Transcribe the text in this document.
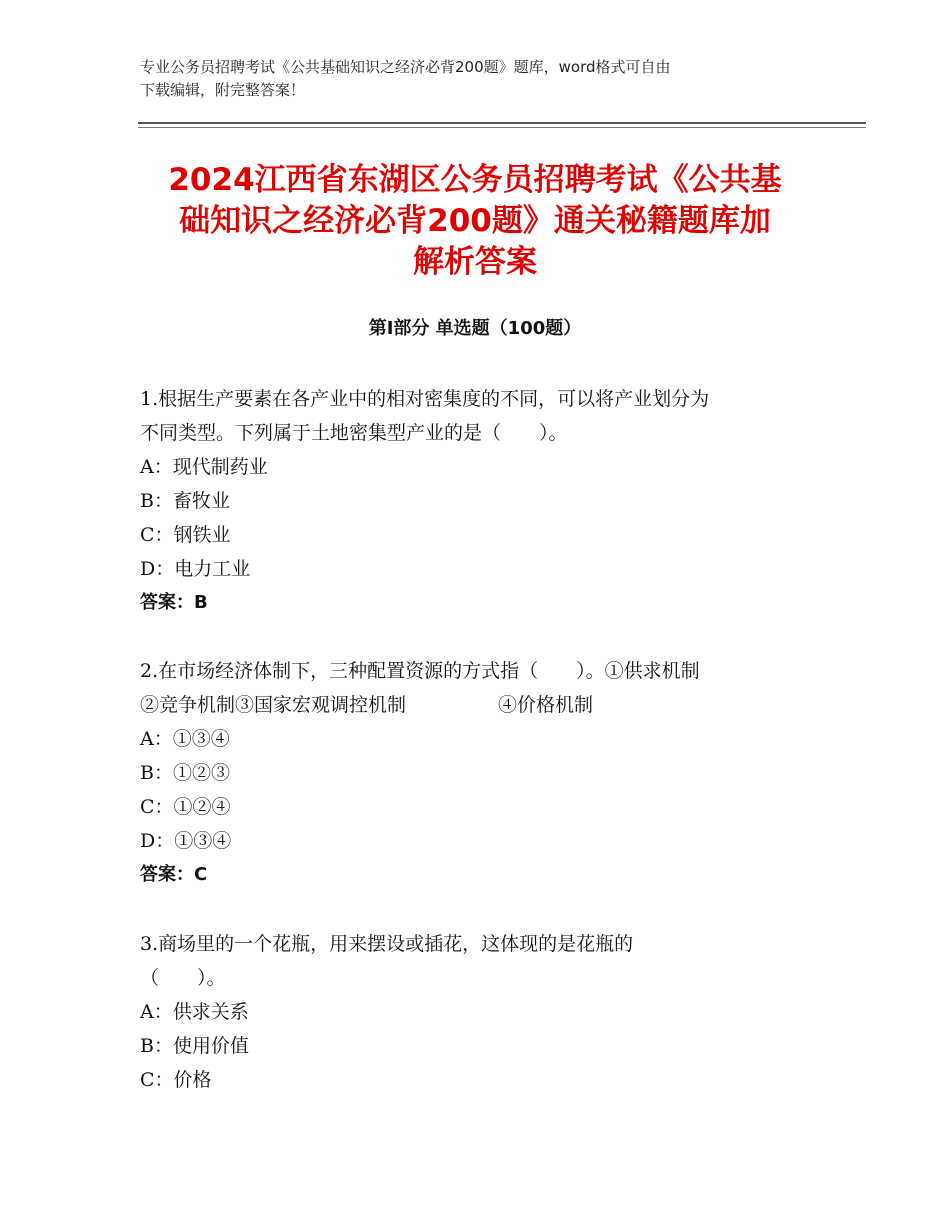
专业公务员招聘考试《公共基础知识之经济必背200题》题库，word格式可自由
下载编辑，附完整答案！
2024江西省东湖区公务员招聘考试《公共基
础知识之经济必背200题》通关秘籍题库加
解析答案
第Ⅰ部分 单选题（100题）
1.根据生产要素在各产业中的相对密集度的不同，可以将产业划分为
不同类型。下列属于土地密集型产业的是（　　）。
A：现代制药业
B：畜牧业
C：钢铁业
D：电力工业
答案：B
2.在市场经济体制下，三种配置资源的方式指（　　）。①供求机制
②竞争机制③国家宏观调控机制	④价格机制
A：①③④
B：①②③
C：①②④
D：①③④
答案：C
3.商场里的一个花瓶，用来摆设或插花，这体现的是花瓶的
（　　）。
A：供求关系
B：使用价值
C：价格
